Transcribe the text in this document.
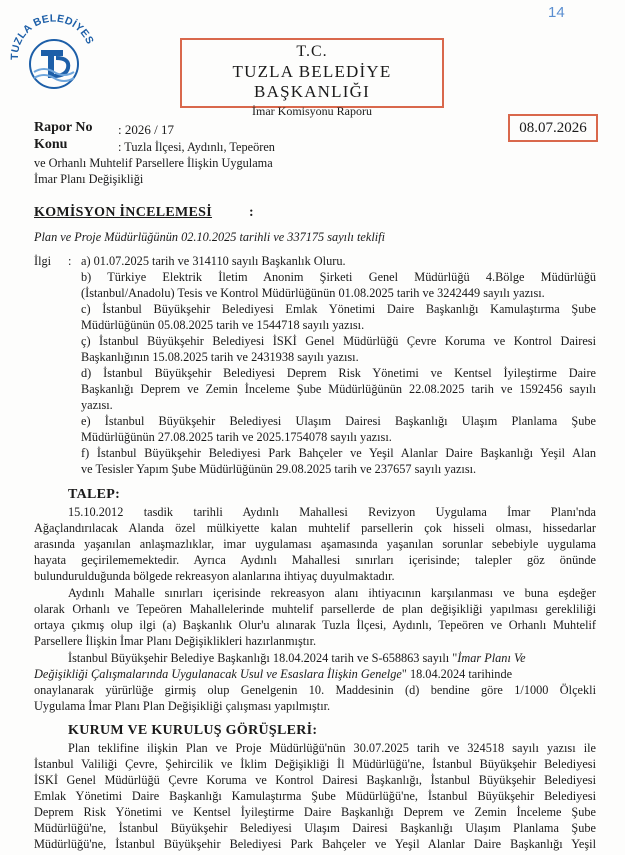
14
TUZLA BELEDİYES
T.C.
TUZLA BELEDİYE BAŞKANLIĞI
İmar Komisyonu Raporu
08.07.2026
Rapor No : 2026 / 17
Konu	: Tuzla İlçesi, Aydınlı, Tepeören
ve Orhanlı Muhtelif Parsellere İlişkin Uygulama
İmar Planı Değişikliği
KOMİSYON İNCELEMESİ	:
Plan ve Proje Müdürlüğünün 02.10.2025 tarihli ve 337175 sayılı teklifi
İlgi : a) 01.07.2025 tarih ve 314110 sayılı Başkanlık Oluru.
b) Türkiye Elektrik İletim Anonim Şirketi Genel Müdürlüğü 4.Bölge Müdürlüğü
(İstanbul/Anadolu) Tesis ve Kontrol Müdürlüğünün 01.08.2025 tarih ve 3242449 sayılı yazısı.
c) İstanbul Büyükşehir Belediyesi Emlak Yönetimi Daire Başkanlığı Kamulaştırma Şube
Müdürlüğünün 05.08.2025 tarih ve 1544718 sayılı yazısı.
ç) İstanbul Büyükşehir Belediyesi İSKİ Genel Müdürlüğü Çevre Koruma ve Kontrol Dairesi
Başkanlığının 15.08.2025 tarih ve 2431938 sayılı yazısı.
d) İstanbul Büyükşehir Belediyesi Deprem Risk Yönetimi ve Kentsel İyileştirme Daire
Başkanlığı Deprem ve Zemin İnceleme Şube Müdürlüğünün 22.08.2025 tarih ve 1592456 sayılı
yazısı.
e) İstanbul Büyükşehir Belediyesi Ulaşım Dairesi Başkanlığı Ulaşım Planlama Şube
Müdürlüğünün 27.08.2025 tarih ve 2025.1754078 sayılı yazısı.
f) İstanbul Büyükşehir Belediyesi Park Bahçeler ve Yeşil Alanlar Daire Başkanlığı Yeşil Alan
ve Tesisler Yapım Şube Müdürlüğünün 29.08.2025 tarih ve 237657 sayılı yazısı.
TALEP:
15.10.2012 tasdik tarihli Aydınlı Mahallesi Revizyon Uygulama İmar Planı'nda
Ağaçlandırılacak Alanda özel mülkiyette kalan muhtelif parsellerin çok hisseli olması, hissedarlar
arasında yaşanılan anlaşmazlıklar, imar uygulaması aşamasında yaşanılan sorunlar sebebiyle uygulama
hayata geçirilememektedir. Ayrıca Aydınlı Mahallesi sınırları içerisinde; talepler göz önünde
bulundurulduğunda bölgede rekreasyon alanlarına ihtiyaç duyulmaktadır.
Aydınlı Mahalle sınırları içerisinde rekreasyon alanı ihtiyacının karşılanması ve buna eşdeğer
olarak Orhanlı ve Tepeören Mahallelerinde muhtelif parsellerde de plan değişikliği yapılması gerekliliği
ortaya çıkmış olup ilgi (a) Başkanlık Olur'u alınarak Tuzla İlçesi, Aydınlı, Tepeören ve Orhanlı Muhtelif
Parsellere İlişkin İmar Planı Değişiklikleri hazırlanmıştır.
İstanbul Büyükşehir Belediye Başkanlığı 18.04.2024 tarih ve S-658863 sayılı "İmar Planı Ve
Değişikliği Çalışmalarında Uygulanacak Usul ve Esaslara İlişkin Genelge" 18.04.2024 tarihinde
onaylanarak yürürlüğe girmiş olup Genelgenin 10. Maddesinin (d) bendine göre 1/1000 Ölçekli
Uygulama İmar Planı Plan Değişikliği çalışması yapılmıştır.
KURUM VE KURULUŞ GÖRÜŞLERİ:
Plan teklifine ilişkin Plan ve Proje Müdürlüğü'nün 30.07.2025 tarih ve 324518 sayılı yazısı ile
İstanbul Valiliği Çevre, Şehircilik ve İklim Değişikliği İl Müdürlüğü'ne, İstanbul Büyükşehir Belediyesi
İSKİ Genel Müdürlüğü Çevre Koruma ve Kontrol Dairesi Başkanlığı, İstanbul Büyükşehir Belediyesi
Emlak Yönetimi Daire Başkanlığı Kamulaştırma Şube Müdürlüğü'ne, İstanbul Büyükşehir Belediyesi
Deprem Risk Yönetimi ve Kentsel İyileştirme Daire Başkanlığı Deprem ve Zemin İnceleme Şube
Müdürlüğü'ne, İstanbul Büyükşehir Belediyesi Ulaşım Dairesi Başkanlığı Ulaşım Planlama Şube
Müdürlüğü'ne, İstanbul Büyükşehir Belediyesi Park Bahçeler ve Yeşil Alanlar Daire Başkanlığı Yeşil
